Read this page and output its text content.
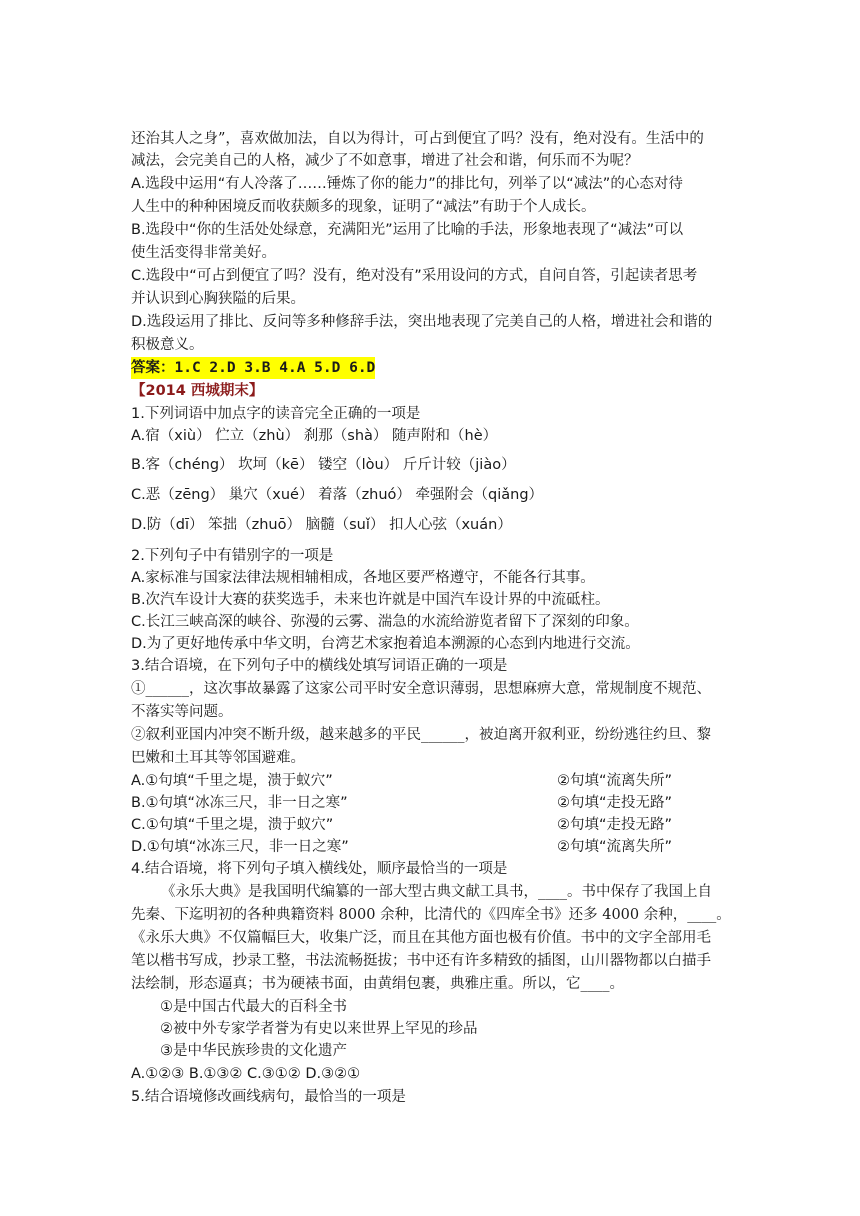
还治其人之身”，喜欢做加法，自以为得计，可占到便宜了吗？没有，绝对没有。生活中的
减法，会完美自己的人格，减少了不如意事，增进了社会和谐，何乐而不为呢？
A.选段中运用“有人冷落了……锤炼了你的能力”的排比句，列举了以“减法”的心态对待
人生中的种种困境反而收获颇多的现象，证明了“减法”有助于个人成长。
B.选段中“你的生活处处绿意，充满阳光”运用了比喻的手法，形象地表现了“减法”可以
使生活变得非常美好。
C.选段中“可占到便宜了吗？没有，绝对没有”采用设问的方式，自问自答，引起读者思考
并认识到心胸狭隘的后果。
D.选段运用了排比、反问等多种修辞手法，突出地表现了完美自己的人格，增进社会和谐的
积极意义。
答案：1.C 2.D 3.B 4.A 5.D 6.D
【2014 西城期末】
1.下列词语中加点字的读音完全正确的一项是
A.宿（xiù） 伫立（zhù） 刹那（shà） 随声附和（hè）
B.客（chéng） 坎坷（kē） 镂空（lòu） 斤斤计较（jiào）
C.恶（zēng） 巢穴（xué） 着落（zhuó） 牵强附会（qiǎng）
D.防（dī） 笨拙（zhuō） 脑髓（suǐ） 扣人心弦（xuán）
2.下列句子中有错别字的一项是
A.家标准与国家法律法规相辅相成，各地区要严格遵守，不能各行其事。
B.次汽车设计大赛的获奖选手，未来也许就是中国汽车设计界的中流砥柱。
C.长江三峡高深的峡谷、弥漫的云雾、湍急的水流给游览者留下了深刻的印象。
D.为了更好地传承中华文明，台湾艺术家抱着追本溯源的心态到内地进行交流。
3.结合语境，在下列句子中的横线处填写词语正确的一项是
①______，这次事故暴露了这家公司平时安全意识薄弱，思想麻痹大意，常规制度不规范、
不落实等问题。
②叙利亚国内冲突不断升级，越来越多的平民______，被迫离开叙利亚，纷纷逃往约旦、黎
巴嫩和土耳其等邻国避难。
A.①句填“千里之堤，溃于蚁穴”	②句填“流离失所”
B.①句填“冰冻三尺，非一日之寒”	②句填“走投无路”
C.①句填“千里之堤，溃于蚁穴”	②句填“走投无路”
D.①句填“冰冻三尺，非一日之寒”	②句填“流离失所”
4.结合语境，将下列句子填入横线处，顺序最恰当的一项是
《永乐大典》是我国明代编纂的一部大型古典文献工具书，____。书中保存了我国上自
先秦、下迄明初的各种典籍资料 8000 余种，比清代的《四库全书》还多 4000 余种，____。
《永乐大典》不仅篇幅巨大，收集广泛，而且在其他方面也极有价值。书中的文字全部用毛
笔以楷书写成，抄录工整，书法流畅挺拔；书中还有许多精致的插图，山川器物都以白描手
法绘制，形态逼真；书为硬裱书面，由黄绢包裹，典雅庄重。所以，它____。
①是中国古代最大的百科全书
②被中外专家学者誉为有史以来世界上罕见的珍品
③是中华民族珍贵的文化遗产
A.①②③ B.①③② C.③①② D.③②①
5.结合语境修改画线病句，最恰当的一项是
